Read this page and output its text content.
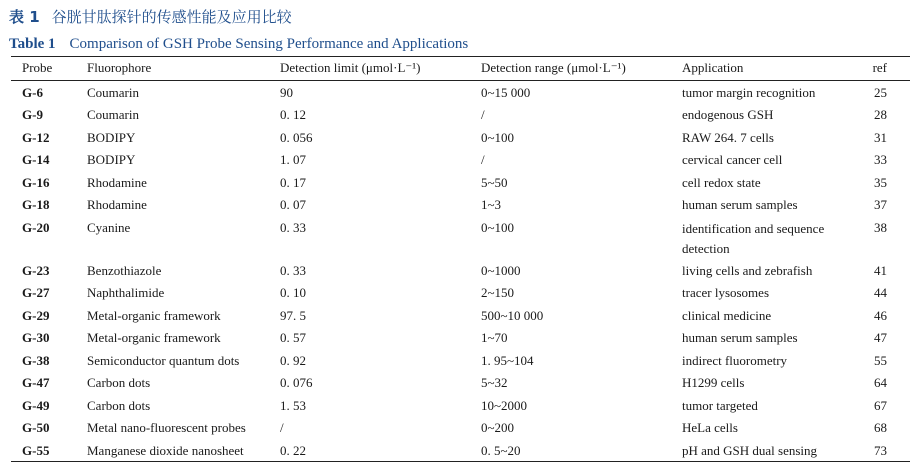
表 1 谷胱甘肽探针的传感性能及应用比较
Table 1 Comparison of GSH Probe Sensing Performance and Applications
Probe	Fluorophore	Detection limit (μmol·L⁻¹)	Detection range (μmol·L⁻¹)	Application	ref
G-6	Coumarin	90	0~15 000	tumor margin recognition	25
G-9	Coumarin	0. 12	/	endogenous GSH	28
G-12	BODIPY	0. 056	0~100	RAW 264. 7 cells	31
G-14	BODIPY	1. 07	/	cervical cancer cell	33
G-16	Rhodamine	0. 17	5~50	cell redox state	35
G-18	Rhodamine	0. 07	1~3	human serum samples	37
G-20	Cyanine	0. 33	0~100	identification and sequence detection	38
G-23	Benzothiazole	0. 33	0~1000	living cells and zebrafish	41
G-27	Naphthalimide	0. 10	2~150	tracer lysosomes	44
G-29	Metal-organic framework	97. 5	500~10 000	clinical medicine	46
G-30	Metal-organic framework	0. 57	1~70	human serum samples	47
G-38	Semiconductor quantum dots	0. 92	1. 95~104	indirect fluorometry	55
G-47	Carbon dots	0. 076	5~32	H1299 cells	64
G-49	Carbon dots	1. 53	10~2000	tumor targeted	67
G-50	Metal nano-fluorescent probes	/	0~200	HeLa cells	68
G-55	Manganese dioxide nanosheet	0. 22	0. 5~20	pH and GSH dual sensing	73
